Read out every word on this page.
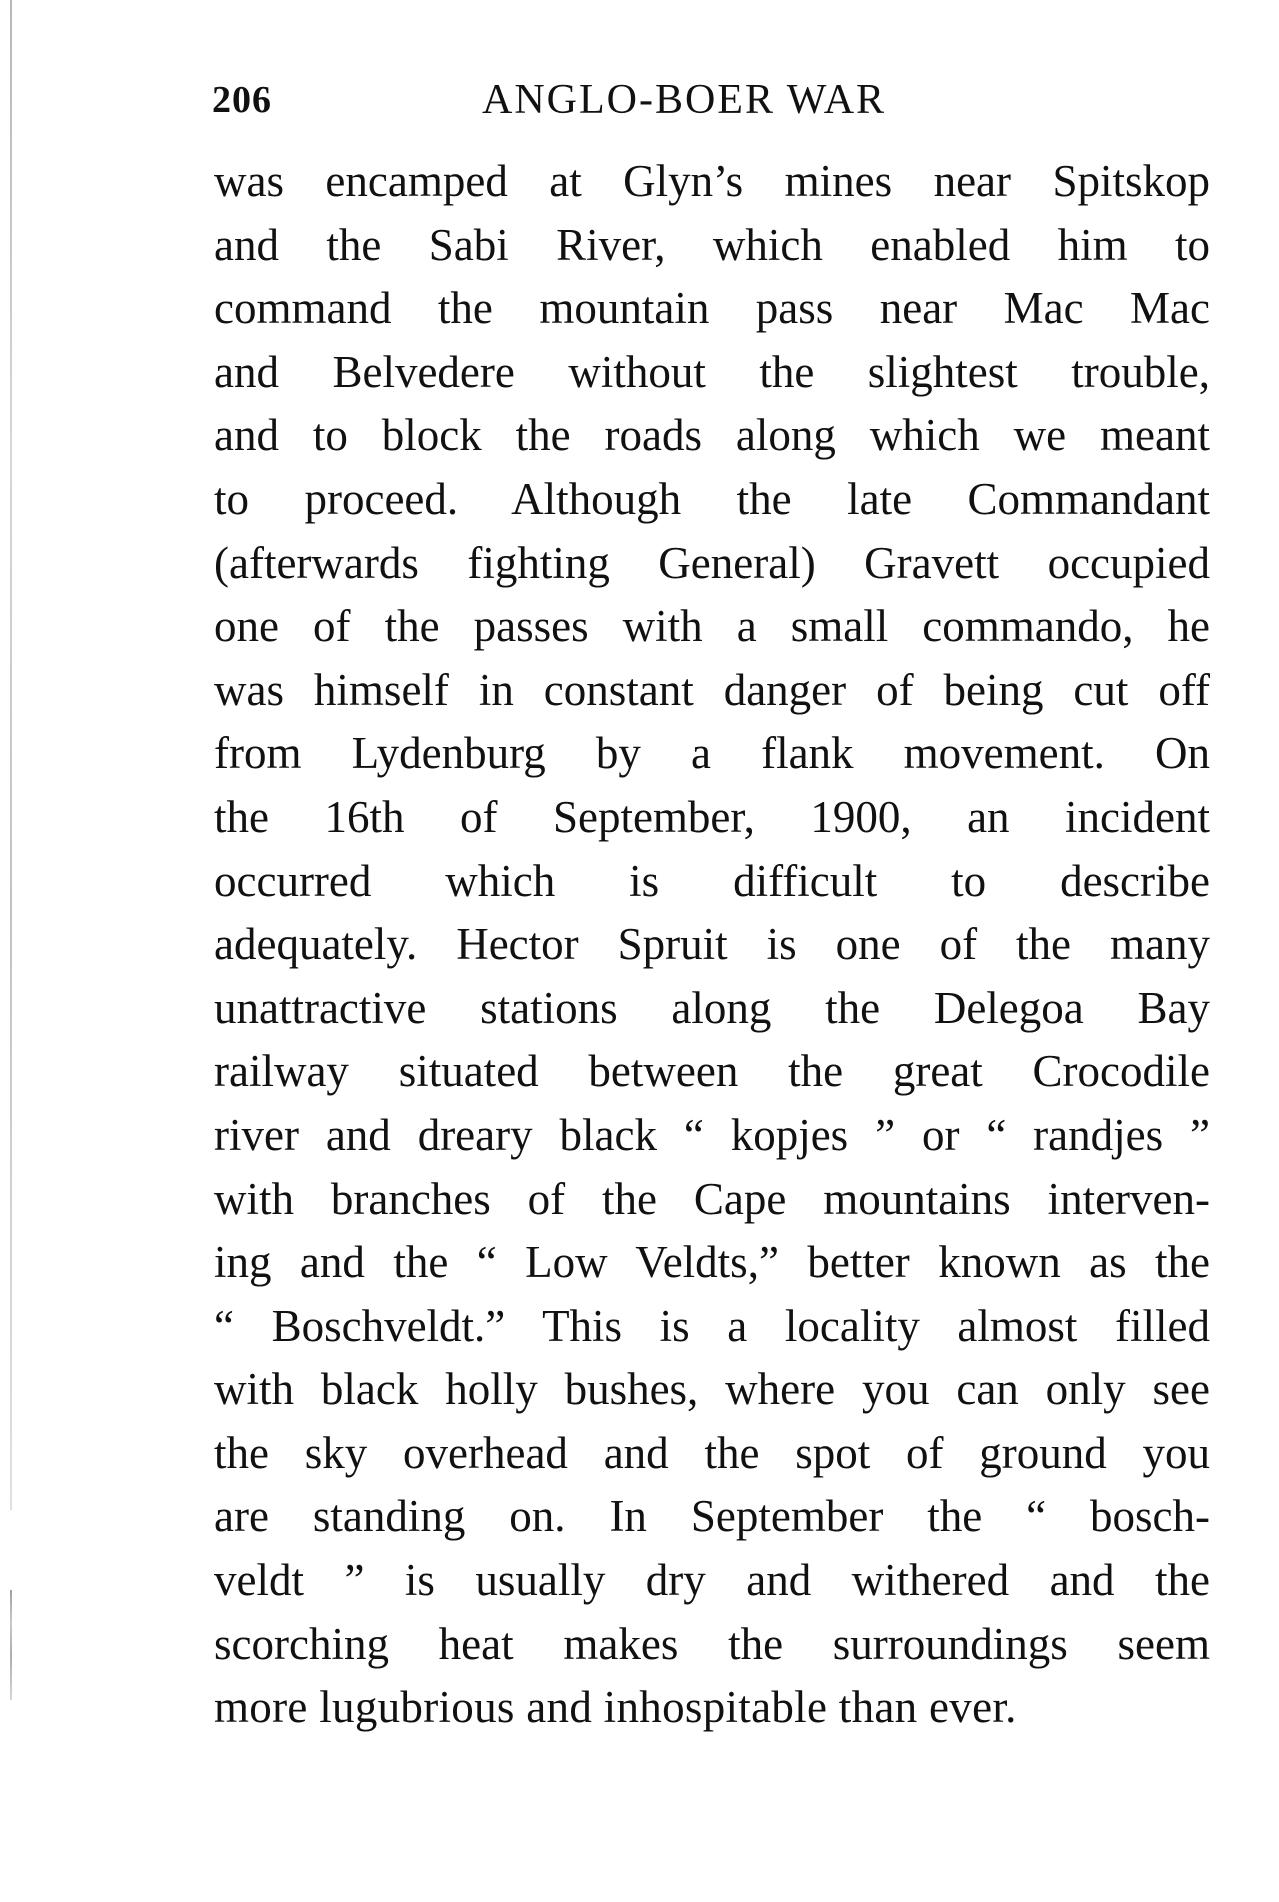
206	ANGLO-BOER WAR
was encamped at Glyn’s mines near Spitskop
and the Sabi River, which enabled him to
command the mountain pass near Mac Mac
and Belvedere without the slightest trouble,
and to block the roads along which we meant
to proceed. Although the late Commandant
(afterwards fighting General) Gravett occupied
one of the passes with a small commando, he
was himself in constant danger of being cut off
from Lydenburg by a flank movement. On
the 16th of September, 1900, an incident
occurred which is difficult to describe
adequately. Hector Spruit is one of the many
unattractive stations along the Delegoa Bay
railway situated between the great Crocodile
river and dreary black “ kopjes ” or “ randjes ”
with branches of the Cape mountains interven-
ing and the “ Low Veldts,” better known as the
“ Boschveldt.” This is a locality almost filled
with black holly bushes, where you can only see
the sky overhead and the spot of ground you
are standing on. In September the “ bosch-
veldt ” is usually dry and withered and the
scorching heat makes the surroundings seem
more lugubrious and inhospitable than ever.
